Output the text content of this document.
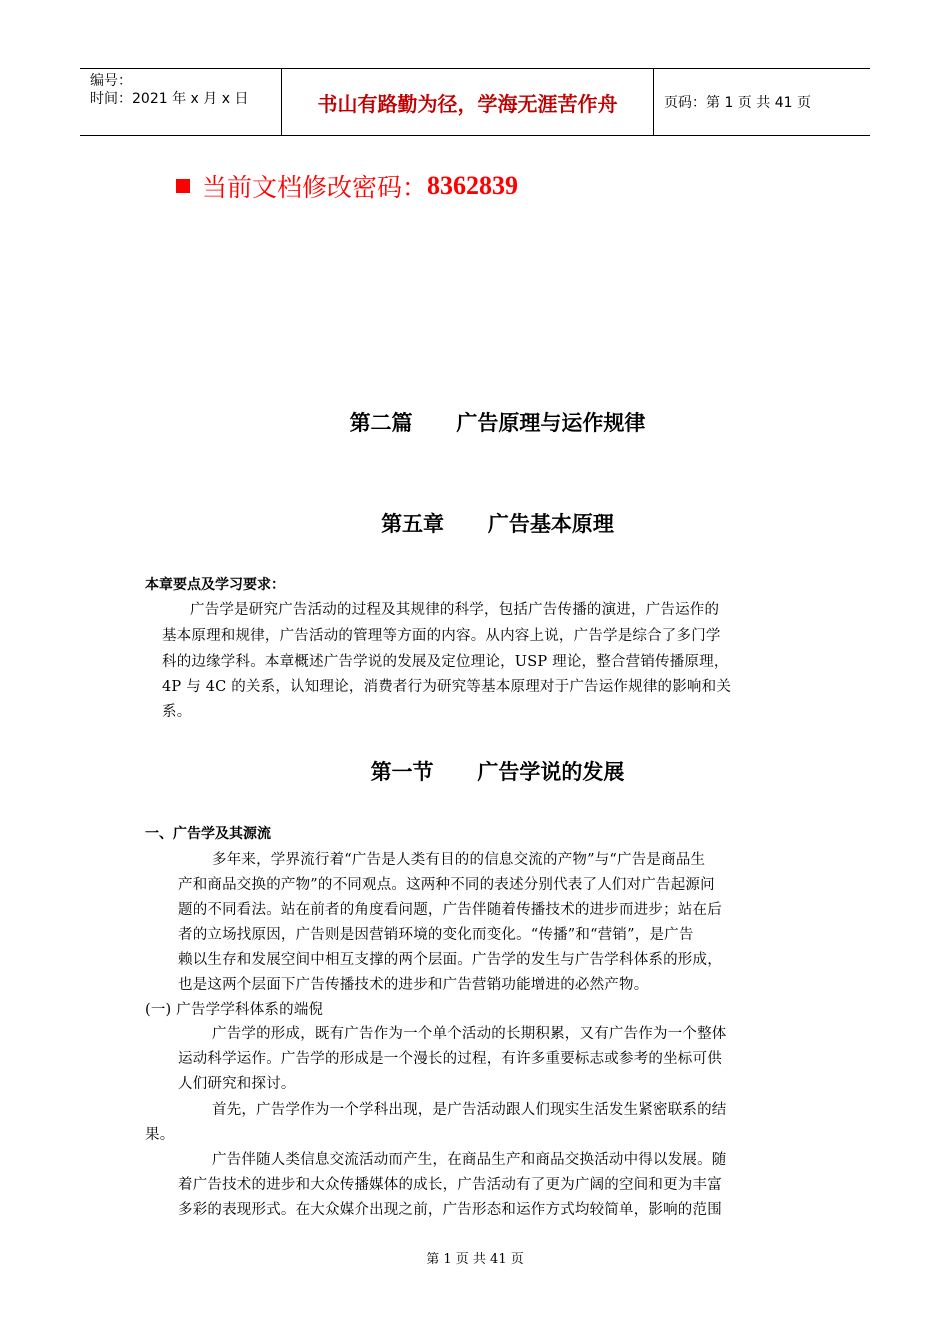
编号：
时间：2021 年 x 月 x 日	书山有路勤为径，学海无涯苦作舟	页码：第 1 页 共 41 页
当前文档修改密码： 8362839
第二篇      广告原理与运作规律
第五章      广告基本原理
本章要点及学习要求：
广告学是研究广告活动的过程及其规律的科学，包括广告传播的演进，广告运作的
基本原理和规律，广告活动的管理等方面的内容。从内容上说，广告学是综合了多门学
科的边缘学科。本章概述广告学说的发展及定位理论，USP 理论，整合营销传播原理，
4P 与 4C 的关系，认知理论，消费者行为研究等基本原理对于广告运作规律的影响和关
系。
第一节      广告学说的发展
一、广告学及其源流
多年来，学界流行着“广告是人类有目的的信息交流的产物”与“广告是商品生
产和商品交换的产物”的不同观点。这两种不同的表述分别代表了人们对广告起源问
题的不同看法。站在前者的角度看问题，广告伴随着传播技术的进步而进步；站在后
者的立场找原因，广告则是因营销环境的变化而变化。“传播”和“营销”，是广告
赖以生存和发展空间中相互支撑的两个层面。广告学的发生与广告学科体系的形成，
也是这两个层面下广告传播技术的进步和广告营销功能增进的必然产物。
(一) 广告学学科体系的端倪
广告学的形成，既有广告作为一个单个活动的长期积累，又有广告作为一个整体
运动科学运作。广告学的形成是一个漫长的过程，有许多重要标志或参考的坐标可供
人们研究和探讨。
首先，广告学作为一个学科出现，是广告活动跟人们现实生活发生紧密联系的结
果。
广告伴随人类信息交流活动而产生，在商品生产和商品交换活动中得以发展。随
着广告技术的进步和大众传播媒体的成长，广告活动有了更为广阔的空间和更为丰富
多彩的表现形式。在大众媒介出现之前，广告形态和运作方式均较简单，影响的范围
第 1 页 共 41 页
